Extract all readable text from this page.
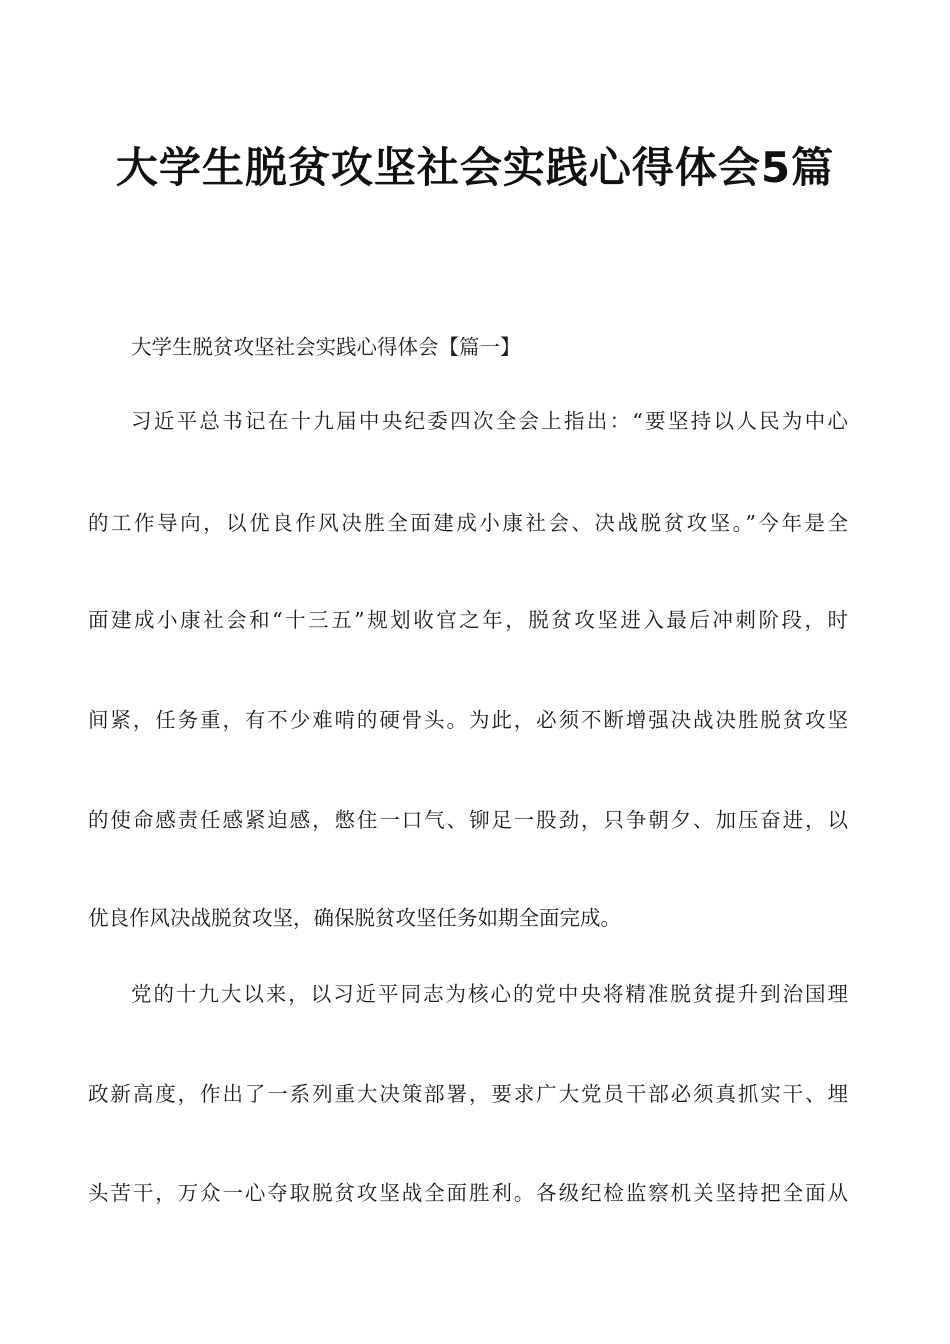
大学生脱贫攻坚社会实践心得体会5篇
大学生脱贫攻坚社会实践心得体会【篇一】
习近平总书记在十九届中央纪委四次全会上指出：“要坚持以人民为中心
的工作导向，以优良作风决胜全面建成小康社会、决战脱贫攻坚。”今年是全
面建成小康社会和“十三五”规划收官之年，脱贫攻坚进入最后冲刺阶段，时
间紧，任务重，有不少难啃的硬骨头。为此，必须不断增强决战决胜脱贫攻坚
的使命感责任感紧迫感，憋住一口气、铆足一股劲，只争朝夕、加压奋进，以
优良作风决战脱贫攻坚，确保脱贫攻坚任务如期全面完成。
党的十九大以来，以习近平同志为核心的党中央将精准脱贫提升到治国理
政新高度，作出了一系列重大决策部署，要求广大党员干部必须真抓实干、埋
头苦干，万众一心夺取脱贫攻坚战全面胜利。各级纪检监察机关坚持把全面从
